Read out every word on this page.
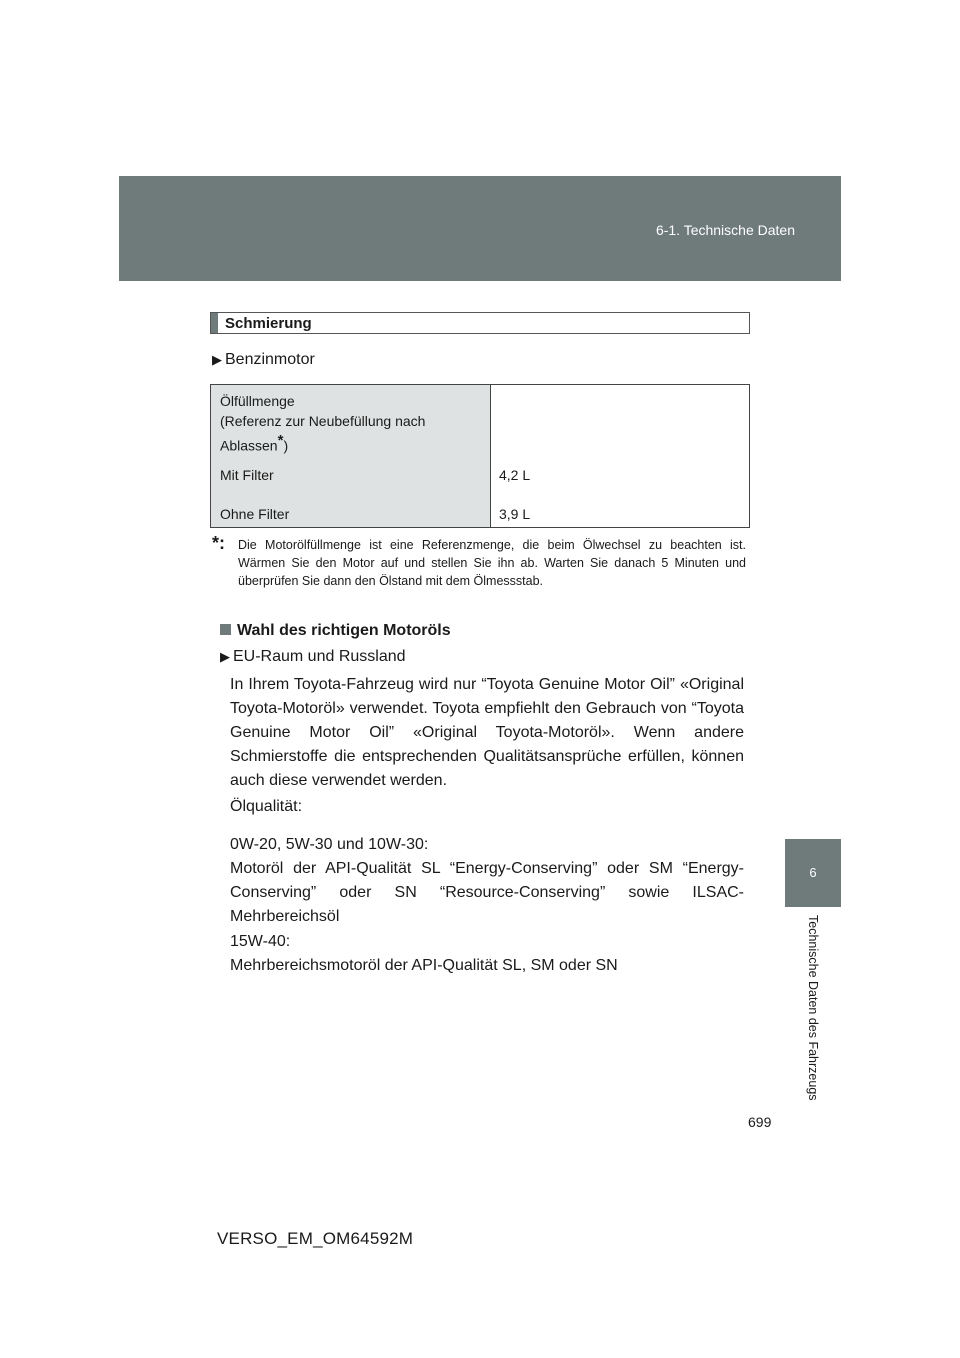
6-1. Technische Daten
6
Technische Daten des Fahrzeugs
Schmierung
▶ Benzinmotor
Ölfüllmenge
(Referenz zur Neubefüllung nach
Ablassen*)
Mit Filter	4,2 L
Ohne Filter	3,9 L
*: Die Motorölfüllmenge ist eine Referenzmenge, die beim Ölwechsel zu beachten ist. Wärmen Sie den Motor auf und stellen Sie ihn ab. Warten Sie danach 5 Minuten und überprüfen Sie dann den Ölstand mit dem Ölmessstab.
Wahl des richtigen Motoröls
▶ EU-Raum und Russland
In Ihrem Toyota-Fahrzeug wird nur “Toyota Genuine Motor Oil” «Original Toyota-Motoröl» verwendet. Toyota empfiehlt den Gebrauch von “Toyota Genuine Motor Oil” «Original Toyota-Motoröl». Wenn andere Schmierstoffe die entsprechenden Qualitätsansprüche erfüllen, können auch diese verwendet werden.
Ölqualität:
0W-20, 5W-30 und 10W-30:
Motoröl der API-Qualität SL “Energy-Conserving” oder SM “Energy-Conserving” oder SN “Resource-Conserving” sowie ILSAC-Mehrbereichsöl
15W-40:
Mehrbereichsmotoröl der API-Qualität SL, SM oder SN
699
VERSO_EM_OM64592M
